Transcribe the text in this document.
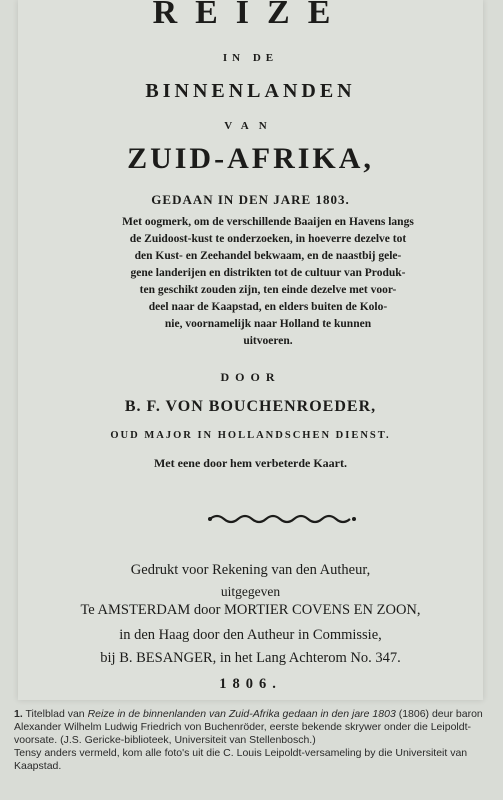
REIZE
IN DE
BINNENLANDEN
VAN
ZUID-AFRIKA,
GEDAAN IN DEN JARE 1803.
Met oogmerk, om de verschillende Baaijen en Havens langs
de Zuidoost-kust te onderzoeken, in hoeverre dezelve tot
den Kust- en Zeehandel bekwaam, en de naastbij gele-
gene landerijen en distrikten tot de cultuur van Produk-
ten geschikt zouden zijn, ten einde dezelve met voor-
deel naar de Kaapstad, en elders buiten de Kolo-
nie, voornamelijk naar Holland te kunnen
uitvoeren.
DOOR
B. F. VON BOUCHENROEDER,
OUD MAJOR IN HOLLANDSCHEN DIENST.
Met eene door hem verbeterde Kaart.
Gedrukt voor Rekening van den Autheur,
uitgegeven
Te AMSTERDAM door MORTIER COVENS EN ZOON,
in den Haag door den Autheur in Commissie,
bij B. BESANGER, in het Lang Achterom No. 347.
1806.

1. Titelblad van Reize in de binnenlanden van Zuid-Afrika gedaan in den jare 1803 (1806) deur baron Alexander Wilhelm Ludwig Friedrich von Buchenröder, eerste bekende skrywer onder die Leipoldt-voorsate. (J.S. Gericke-biblioteek, Universiteit van Stellenbosch.)

Tensy anders vermeld, kom alle foto's uit die C. Louis Leipoldt-versameling by die Universiteit van Kaapstad.
